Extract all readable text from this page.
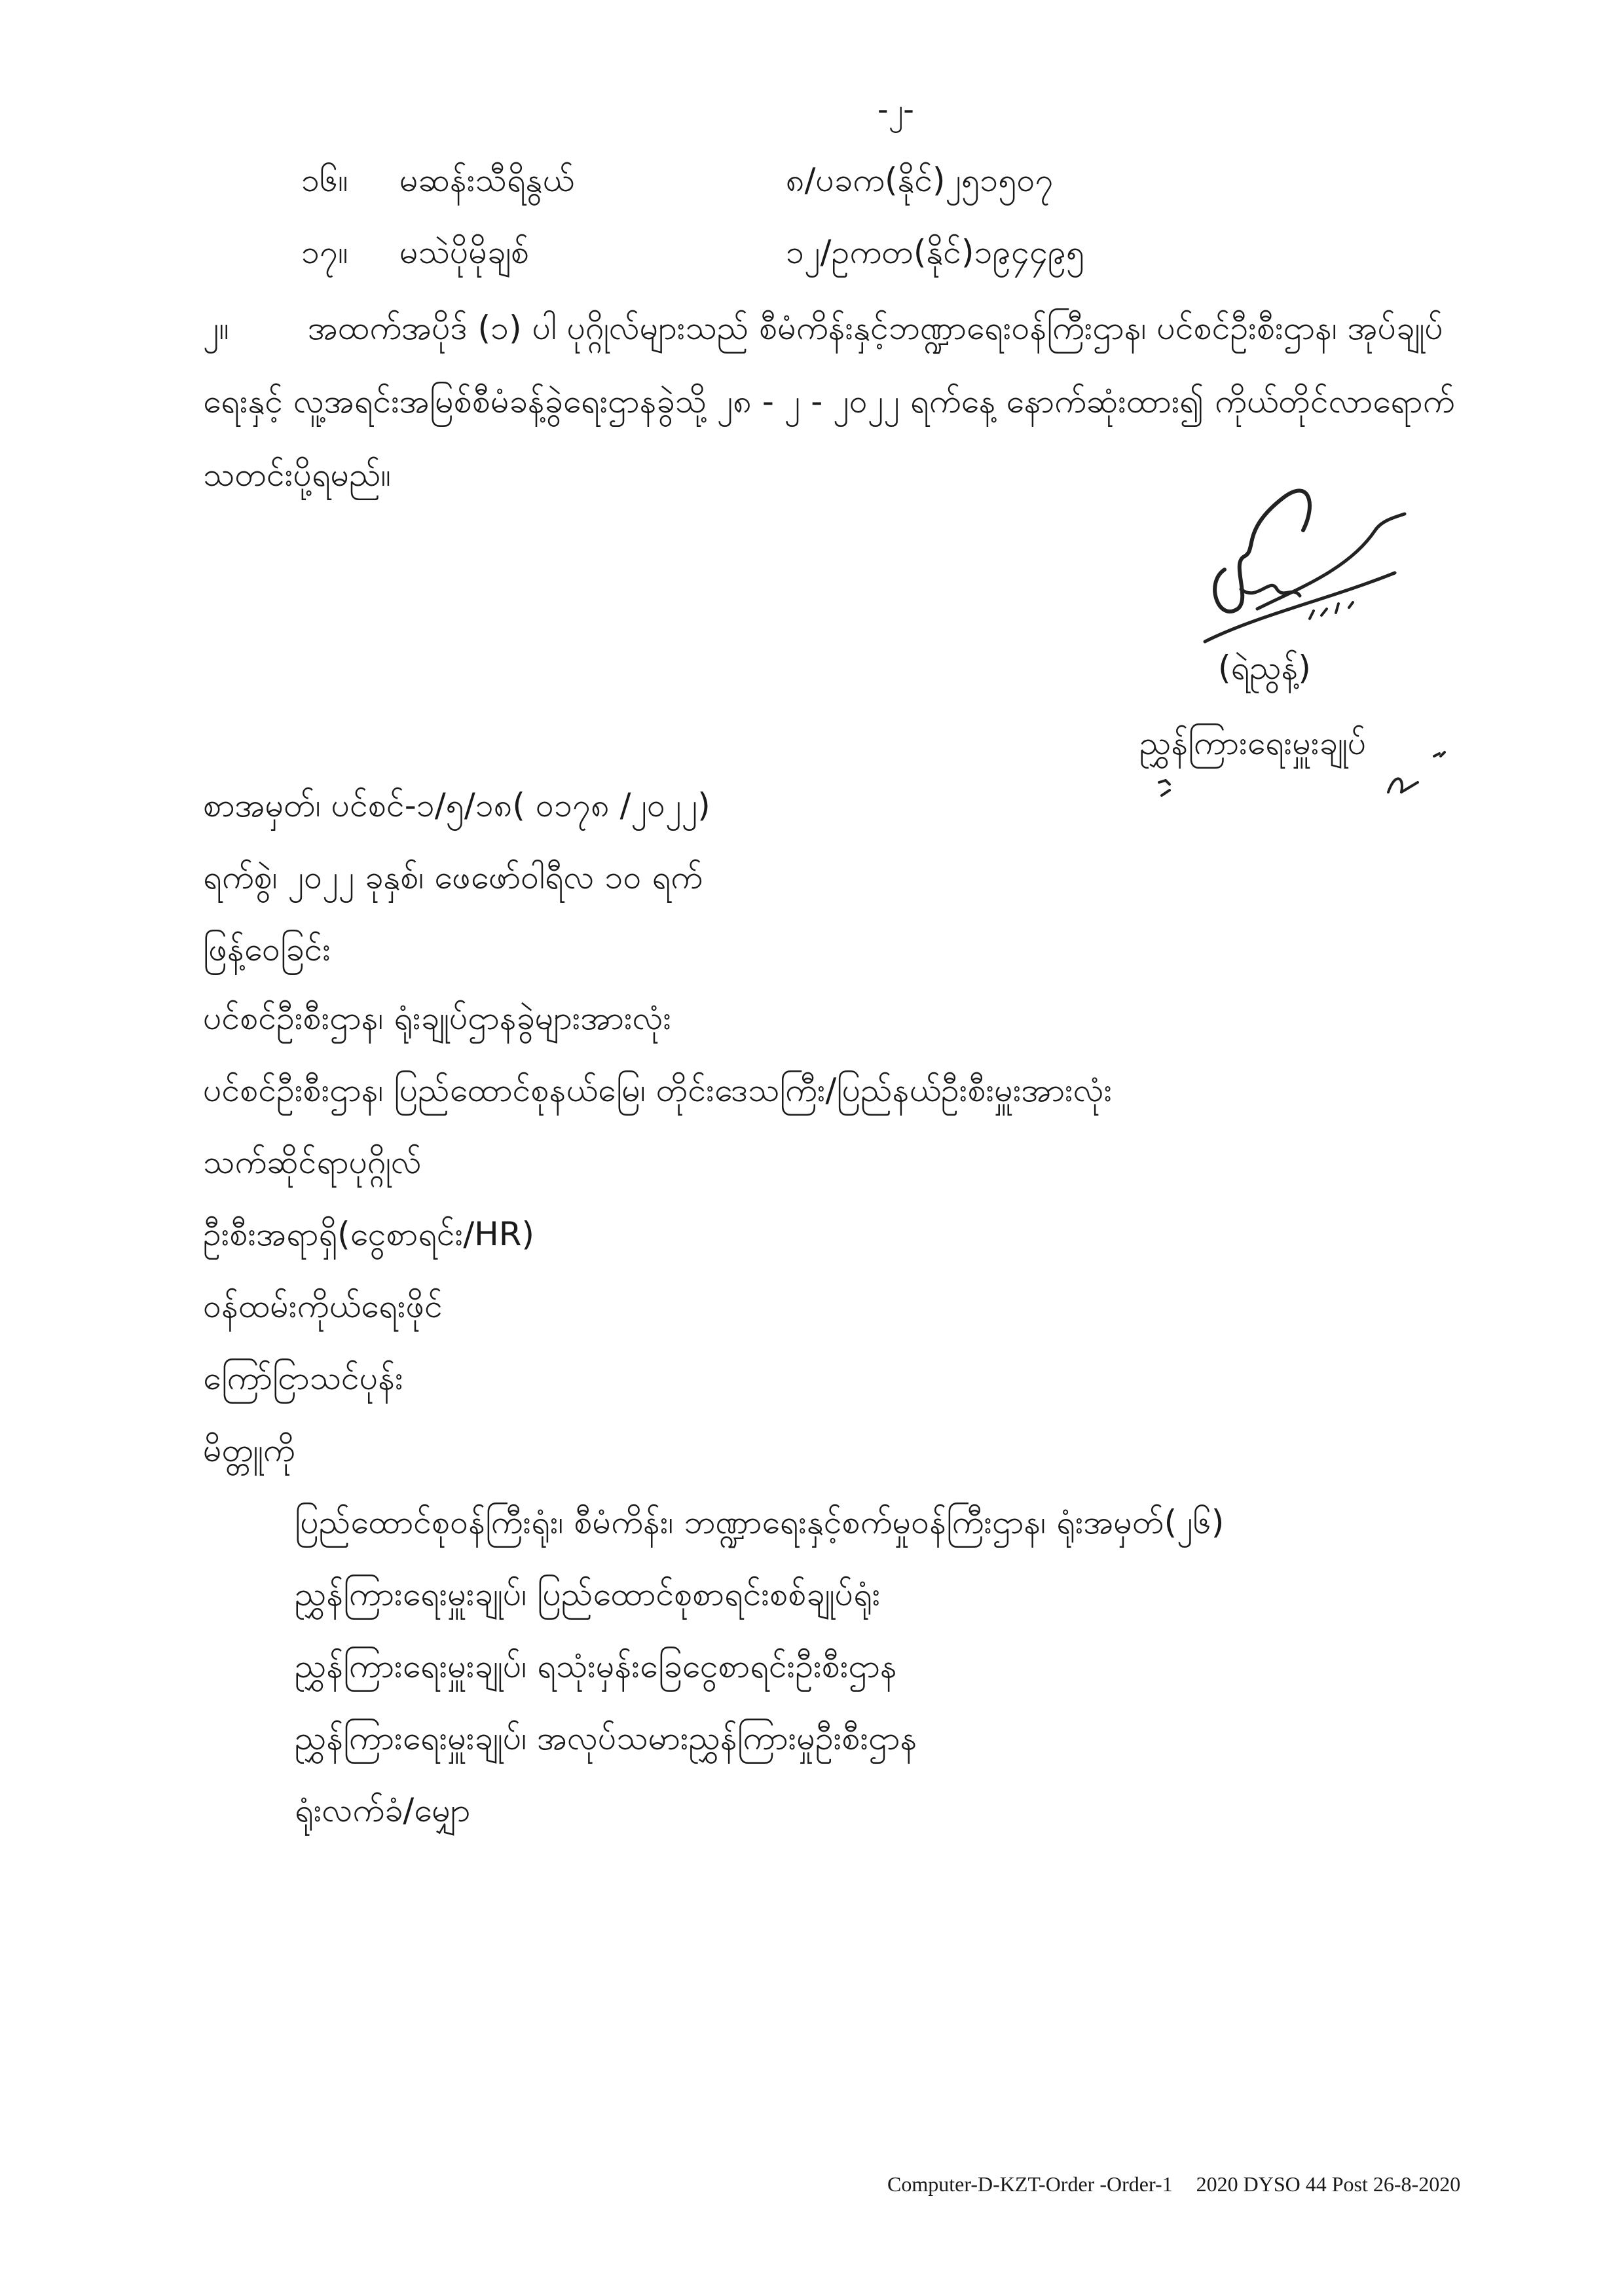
-၂-
၁၆။ မဆန်းသီရိနွယ်	၈/ပခက(နိုင်)၂၅၁၅၀၇
၁၇။ မသဲပိုမိုချစ်	၁၂/ဥကတ(နိုင်)၁၉၄၄၉၅
၂။ အထက်အပိုဒ် (၁) ပါ ပုဂ္ဂိုလ်များသည် စီမံကိန်းနှင့်ဘဏ္ဍာရေးဝန်ကြီးဌာန၊ ပင်စင်ဦးစီးဌာန၊ အုပ်ချုပ်ရေးနှင့် လူ့အရင်းအမြစ်စီမံခန့်ခွဲရေးဌာနခွဲသို့ ၂၈ - ၂ - ၂၀၂၂ ရက်နေ့ နောက်ဆုံးထား၍ ကိုယ်တိုင်လာရောက် သတင်းပို့ရမည်။
(ရဲညွန့်)
ညွှန်ကြားရေးမှူးချုပ်
စာအမှတ်၊ ပင်စင်-၁/၅/၁၈( ၀၁၇၈ /၂၀၂၂)
ရက်စွဲ၊ ၂၀၂၂ ခုနှစ်၊ ဖေဖော်ဝါရီလ ၁၀ ရက်
ဖြန့်ဝေခြင်း
ပင်စင်ဦးစီးဌာန၊ ရုံးချုပ်ဌာနခွဲများအားလုံး
ပင်စင်ဦးစီးဌာန၊ ပြည်ထောင်စုနယ်မြေ၊ တိုင်းဒေသကြီး/ပြည်နယ်ဦးစီးမှူးအားလုံး
သက်ဆိုင်ရာပုဂ္ဂိုလ်
ဦးစီးအရာရှိ(ငွေစာရင်း/HR)
ဝန်ထမ်းကိုယ်ရေးဖိုင်
ကြော်ငြာသင်ပုန်း
မိတ္တူကို
ပြည်ထောင်စုဝန်ကြီးရုံး၊ စီမံကိန်း၊ ဘဏ္ဍာရေးနှင့်စက်မှုဝန်ကြီးဌာန၊ ရုံးအမှတ်(၂၆)
ညွှန်ကြားရေးမှူးချုပ်၊ ပြည်ထောင်စုစာရင်းစစ်ချုပ်ရုံး
ညွှန်ကြားရေးမှူးချုပ်၊ ရသုံးမှန်းခြေငွေစာရင်းဦးစီးဌာန
ညွှန်ကြားရေးမှူးချုပ်၊ အလုပ်သမားညွှန်ကြားမှုဦးစီးဌာန
ရုံးလက်ခံ/မျှော
Computer-D-KZT-Order -Order-1 2020 DYSO 44 Post 26-8-2020
